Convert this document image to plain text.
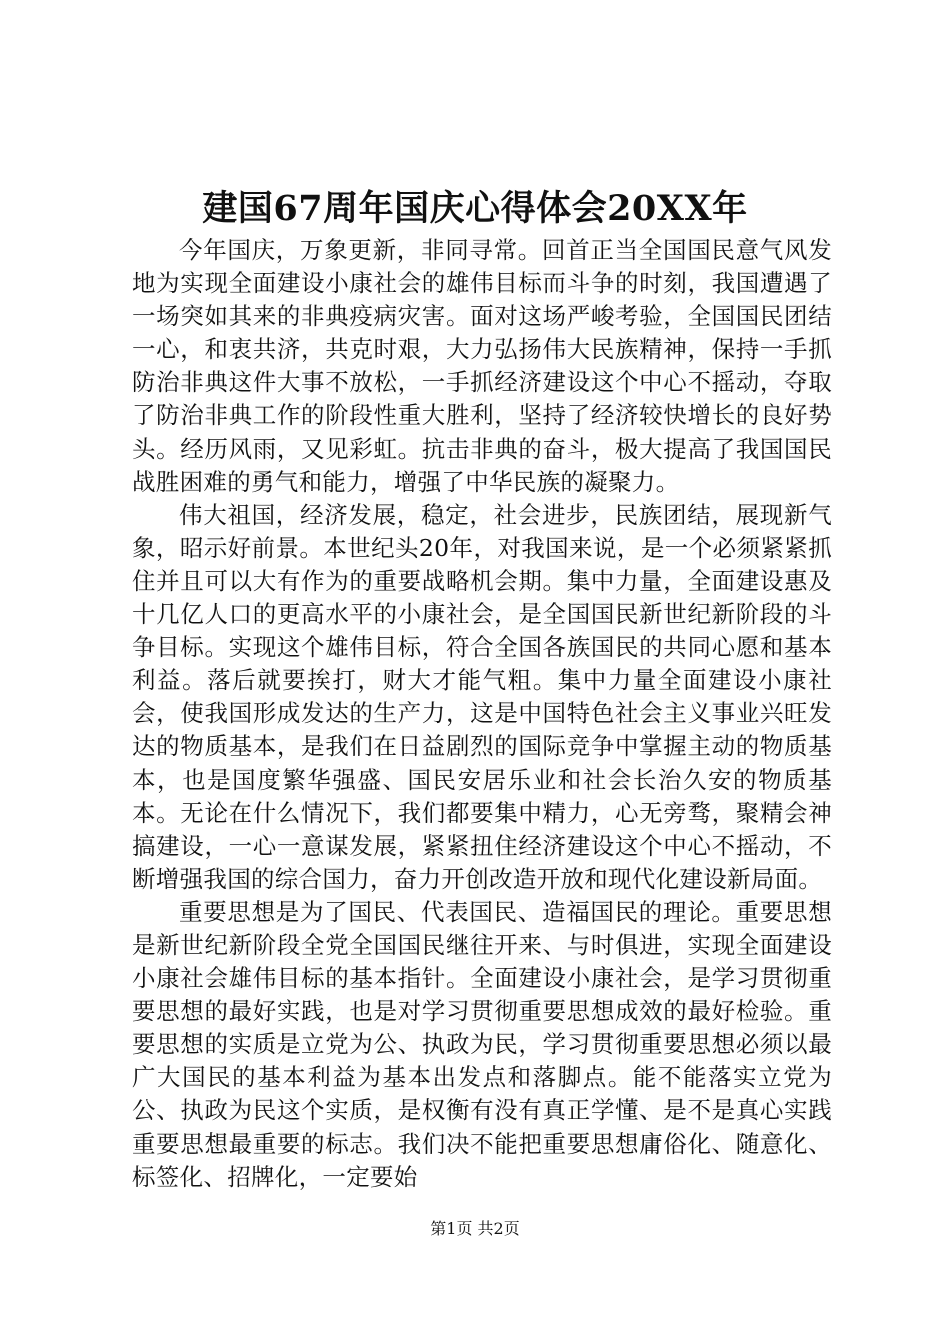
建国67周年国庆心得体会20XX年

今年国庆，万象更新，非同寻常。回首正当全国国民意气风发地为实现全面建设小康社会的雄伟目标而斗争的时刻，我国遭遇了一场突如其来的非典疫病灾害。面对这场严峻考验，全国国民团结一心，和衷共济，共克时艰，大力弘扬伟大民族精神，保持一手抓防治非典这件大事不放松，一手抓经济建设这个中心不摇动，夺取了防治非典工作的阶段性重大胜利，坚持了经济较快增长的良好势头。经历风雨，又见彩虹。抗击非典的奋斗，极大提高了我国国民战胜困难的勇气和能力，增强了中华民族的凝聚力。

伟大祖国，经济发展，稳定，社会进步，民族团结，展现新气象，昭示好前景。本世纪头20年，对我国来说，是一个必须紧紧抓住并且可以大有作为的重要战略机会期。集中力量，全面建设惠及十几亿人口的更高水平的小康社会，是全国国民新世纪新阶段的斗争目标。实现这个雄伟目标，符合全国各族国民的共同心愿和基本利益。落后就要挨打，财大才能气粗。集中力量全面建设小康社会，使我国形成发达的生产力，这是中国特色社会主义事业兴旺发达的物质基本，是我们在日益剧烈的国际竞争中掌握主动的物质基本，也是国度繁华强盛、国民安居乐业和社会长治久安的物质基本。无论在什么情况下，我们都要集中精力，心无旁骛，聚精会神搞建设，一心一意谋发展，紧紧扭住经济建设这个中心不摇动，不断增强我国的综合国力，奋力开创改造开放和现代化建设新局面。

重要思想是为了国民、代表国民、造福国民的理论。重要思想是新世纪新阶段全党全国国民继往开来、与时俱进，实现全面建设小康社会雄伟目标的基本指针。全面建设小康社会，是学习贯彻重要思想的最好实践，也是对学习贯彻重要思想成效的最好检验。重要思想的实质是立党为公、执政为民，学习贯彻重要思想必须以最广大国民的基本利益为基本出发点和落脚点。能不能落实立党为公、执政为民这个实质，是权衡有没有真正学懂、是不是真心实践重要思想最重要的标志。我们决不能把重要思想庸俗化、随意化、标签化、招牌化，一定要始

第1页 共2页
